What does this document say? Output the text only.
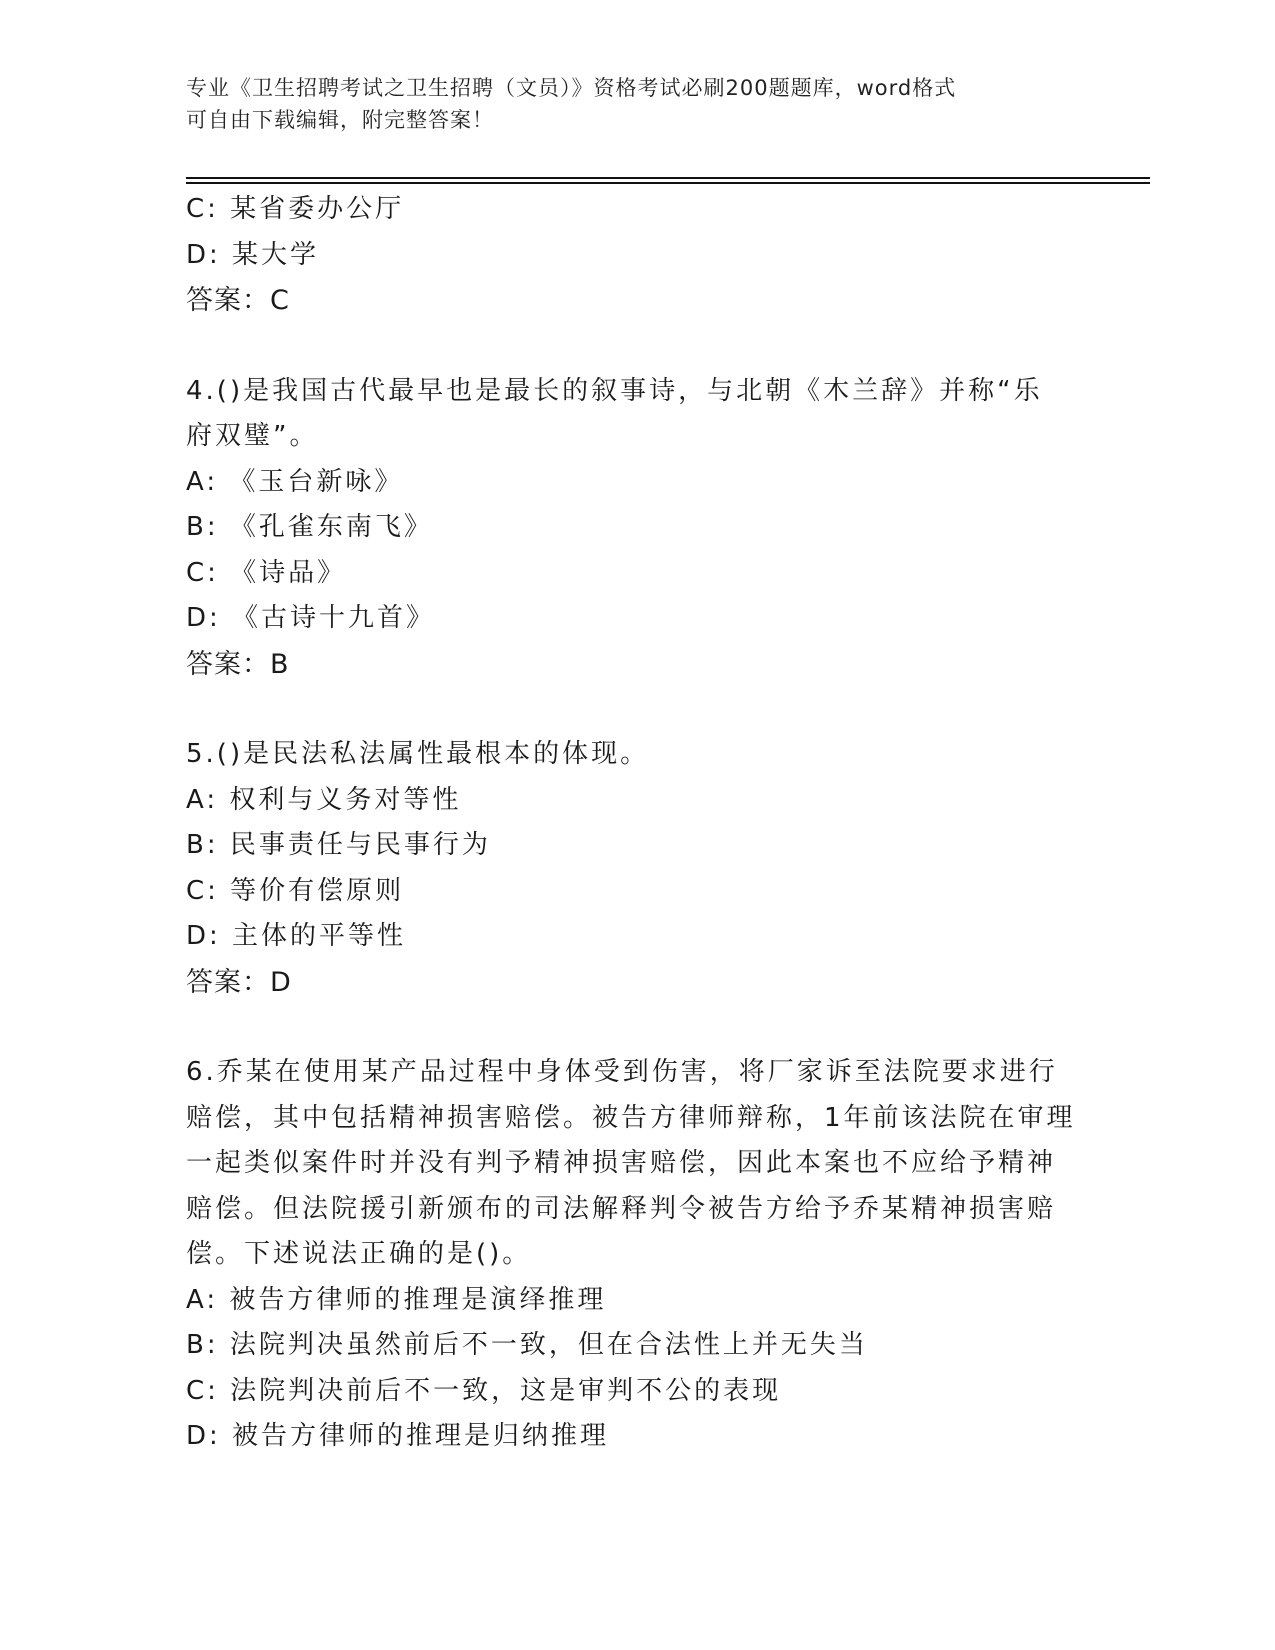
专业《卫生招聘考试之卫生招聘（文员）》资格考试必刷200题题库，word格式
可自由下载编辑，附完整答案！
C: 某省委办公厅
D: 某大学
答案：C
4.()是我国古代最早也是最长的叙事诗，与北朝《木兰辞》并称“乐
府双璧”。
A: 《玉台新咏》
B: 《孔雀东南飞》
C: 《诗品》
D: 《古诗十九首》
答案：B
5.()是民法私法属性最根本的体现。
A: 权利与义务对等性
B: 民事责任与民事行为
C: 等价有偿原则
D: 主体的平等性
答案：D
6.乔某在使用某产品过程中身体受到伤害，将厂家诉至法院要求进行
赔偿，其中包括精神损害赔偿。被告方律师辩称，1年前该法院在审理
一起类似案件时并没有判予精神损害赔偿，因此本案也不应给予精神
赔偿。但法院援引新颁布的司法解释判令被告方给予乔某精神损害赔
偿。下述说法正确的是()。
A: 被告方律师的推理是演绎推理
B: 法院判决虽然前后不一致，但在合法性上并无失当
C: 法院判决前后不一致，这是审判不公的表现
D: 被告方律师的推理是归纳推理
